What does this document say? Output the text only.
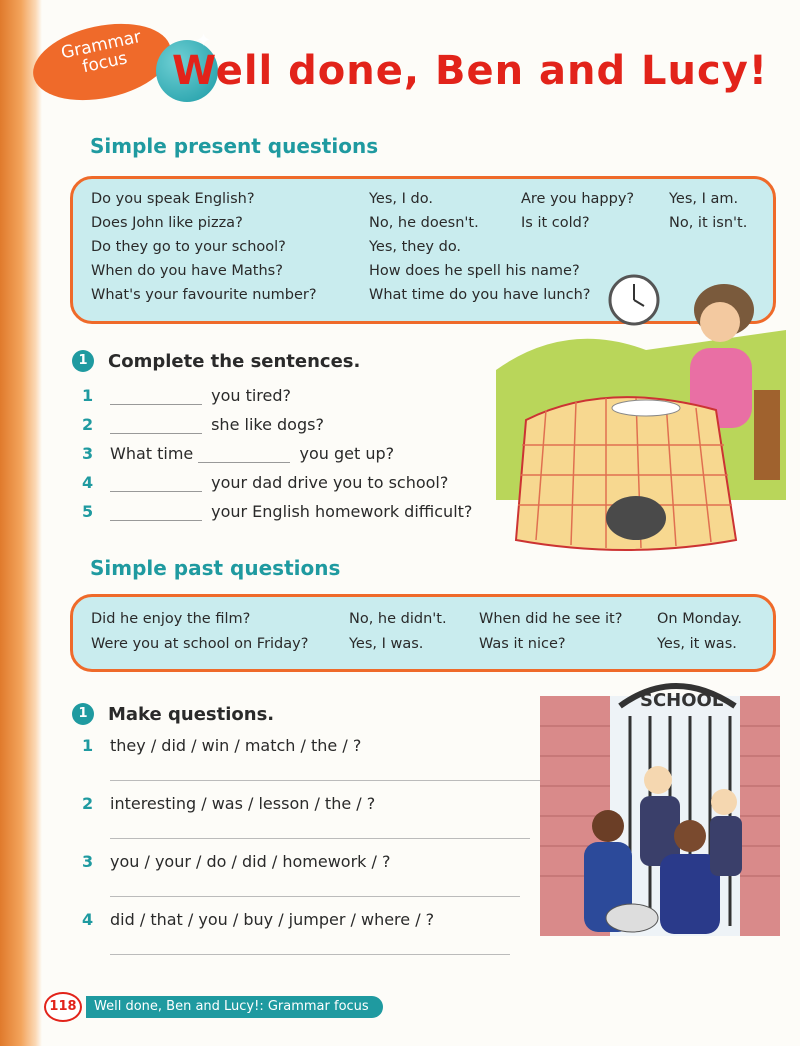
Grammar focus
✦
Well done, Ben and Lucy!
Simple present questions
Do you speak English?	Yes, I do.	Are you happy? Yes, I am.
Does John like pizza?	No, he doesn't.	Is it cold?	No, it isn't.
Do they go to your school?	Yes, they do.
When do you have Maths?	How does he spell his name?
What's your favourite number?	What time do you have lunch?
1	Complete the sentences.
1	you tired?
2	she like dogs?
3 What time	you get up?
4	your dad drive you to school?
5	your English homework difficult?
Simple past questions
Did he enjoy the film?	No, he didn't. When did he see it? On Monday.
Were you at school on Friday?	Yes, I was.	Was it nice?	Yes, it was.
1	Make questions.
1 they / did / win / match / the / ?
2 interesting / was / lesson / the / ?
3 you / your / do / did / homework / ?
4 did / that / you / buy / jumper / where / ?
SCHOOL
118	Well done, Ben and Lucy!: Grammar focus
